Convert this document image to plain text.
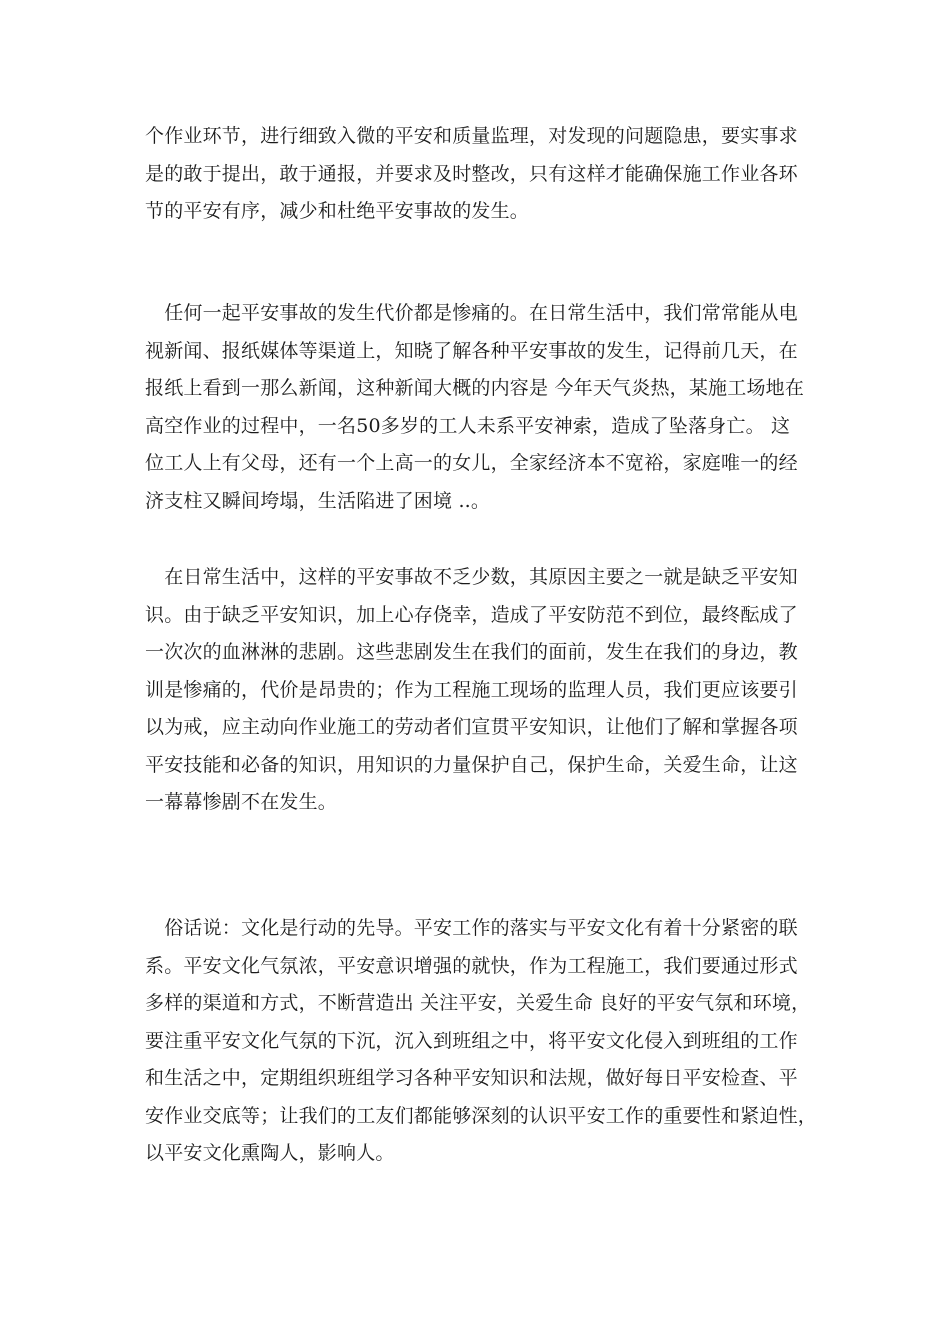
个作业环节，进行细致入微的平安和质量监理，对发现的问题隐患，要实事求
是的敢于提出，敢于通报，并要求及时整改，只有这样才能确保施工作业各环
节的平安有序，减少和杜绝平安事故的发生。

　任何一起平安事故的发生代价都是惨痛的。在日常生活中，我们常常能从电
视新闻、报纸媒体等渠道上，知晓了解各种平安事故的发生，记得前几天，在
报纸上看到一那么新闻，这种新闻大概的内容是 今年天气炎热，某施工场地在
高空作业的过程中，一名50多岁的工人未系平安神索，造成了坠落身亡。 这
位工人上有父母，还有一个上高一的女儿，全家经济本不宽裕，家庭唯一的经
济支柱又瞬间垮塌，生活陷进了困境 ..。

　在日常生活中，这样的平安事故不乏少数，其原因主要之一就是缺乏平安知
识。由于缺乏平安知识，加上心存侥幸，造成了平安防范不到位，最终酝成了
一次次的血淋淋的悲剧。这些悲剧发生在我们的面前，发生在我们的身边，教
训是惨痛的，代价是昂贵的；作为工程施工现场的监理人员，我们更应该要引
以为戒，应主动向作业施工的劳动者们宣贯平安知识，让他们了解和掌握各项
平安技能和必备的知识，用知识的力量保护自己，保护生命，关爱生命，让这
一幕幕惨剧不在发生。

　俗话说：文化是行动的先导。平安工作的落实与平安文化有着十分紧密的联
系。平安文化气氛浓，平安意识增强的就快，作为工程施工，我们要通过形式
多样的渠道和方式，不断营造出 关注平安，关爱生命 良好的平安气氛和环境，
要注重平安文化气氛的下沉，沉入到班组之中，将平安文化侵入到班组的工作
和生活之中，定期组织班组学习各种平安知识和法规，做好每日平安检查、平
安作业交底等；让我们的工友们都能够深刻的认识平安工作的重要性和紧迫性，
以平安文化熏陶人，影响人。
